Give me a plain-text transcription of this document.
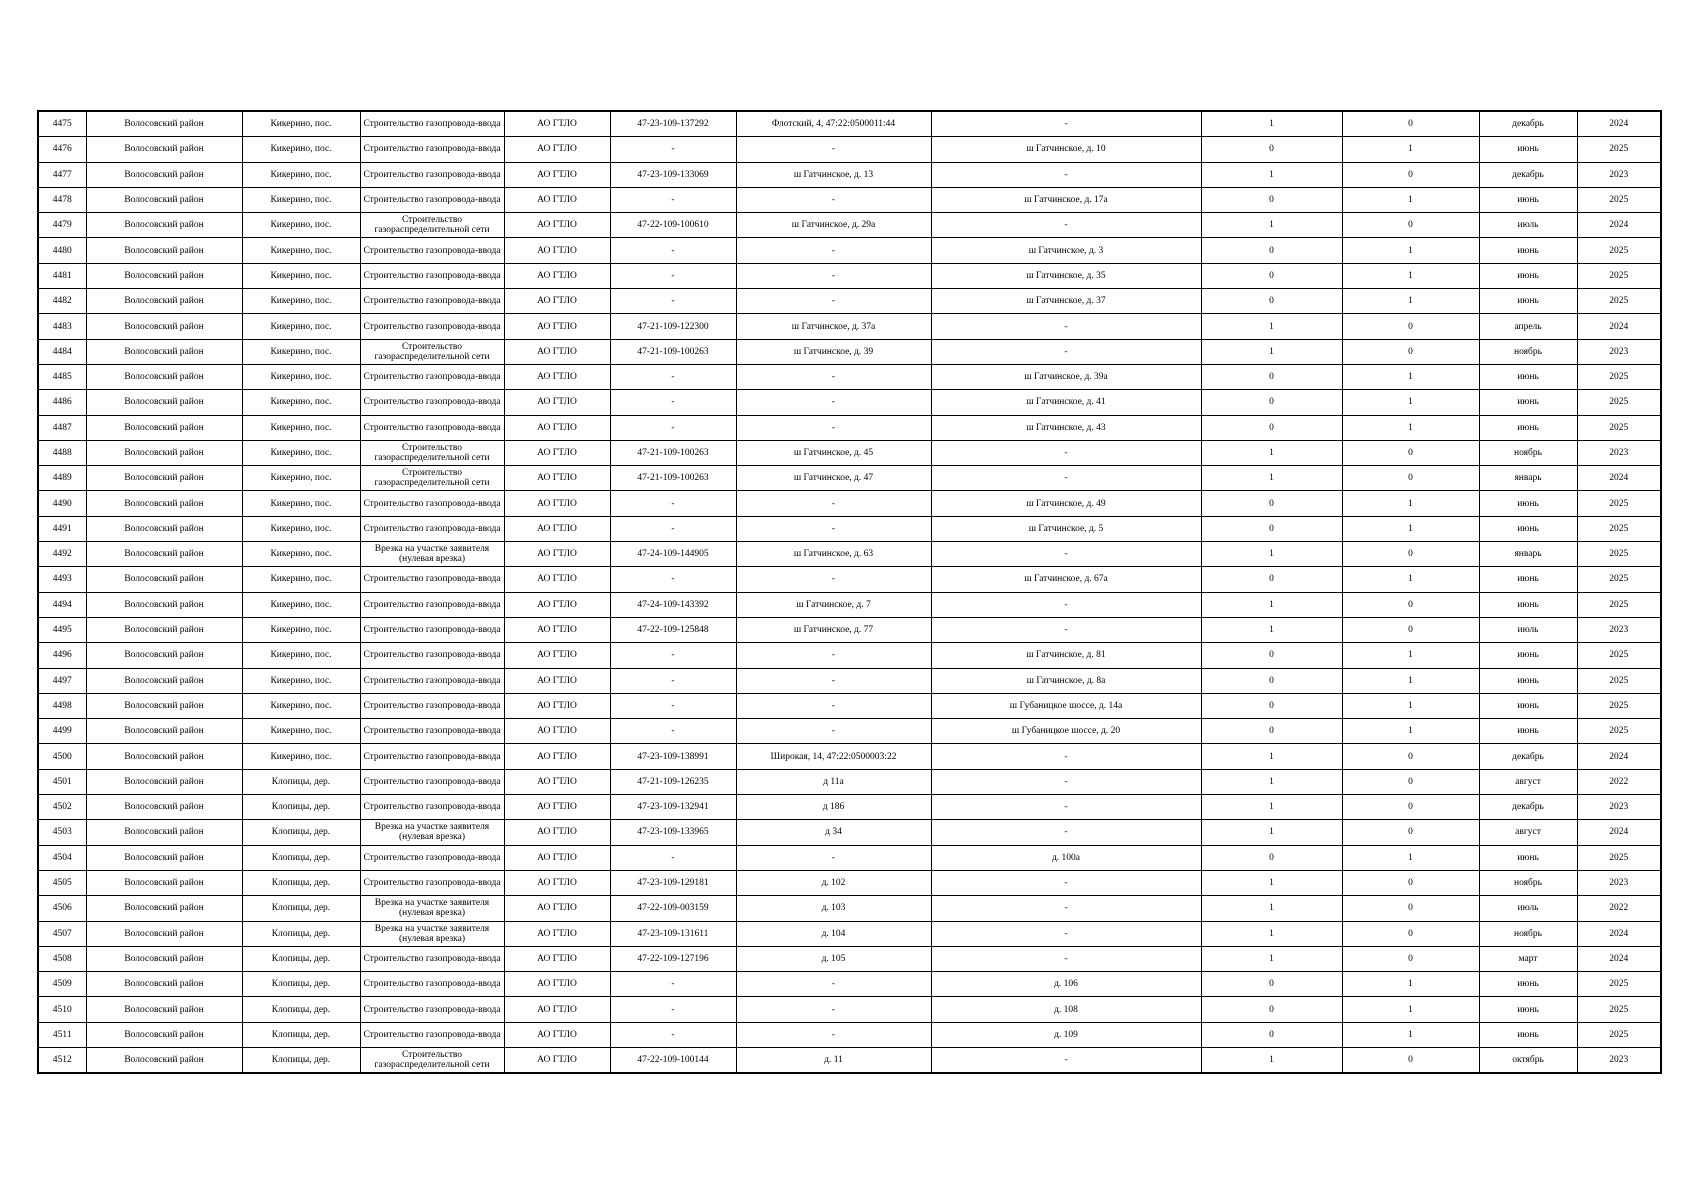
4475	Волосовский район	Кикерино, пос.	Строительство газопровода-ввода	АО ГТЛО	47-23-109-137292	Флотский, 4, 47:22:0500011:44	-	1	0	декабрь	2024
4476	Волосовский район	Кикерино, пос.	Строительство газопровода-ввода	АО ГТЛО	-	-	ш Гатчинское, д. 10	0	1	июнь	2025
4477	Волосовский район	Кикерино, пос.	Строительство газопровода-ввода	АО ГТЛО	47-23-109-133069	ш Гатчинское, д. 13	-	1	0	декабрь	2023
4478	Волосовский район	Кикерино, пос.	Строительство газопровода-ввода	АО ГТЛО	-	-	ш Гатчинское, д. 17а	0	1	июнь	2025
4479	Волосовский район	Кикерино, пос.	Строительство газораспределительной сети	АО ГТЛО	47-22-109-100610	ш Гатчинское, д. 29а	-	1	0	июль	2024
4480	Волосовский район	Кикерино, пос.	Строительство газопровода-ввода	АО ГТЛО	-	-	ш Гатчинское, д. 3	0	1	июнь	2025
4481	Волосовский район	Кикерино, пос.	Строительство газопровода-ввода	АО ГТЛО	-	-	ш Гатчинское, д. 35	0	1	июнь	2025
4482	Волосовский район	Кикерино, пос.	Строительство газопровода-ввода	АО ГТЛО	-	-	ш Гатчинское, д. 37	0	1	июнь	2025
4483	Волосовский район	Кикерино, пос.	Строительство газопровода-ввода	АО ГТЛО	47-21-109-122300	ш Гатчинское, д. 37а	-	1	0	апрель	2024
4484	Волосовский район	Кикерино, пос.	Строительство газораспределительной сети	АО ГТЛО	47-21-109-100263	ш Гатчинское, д. 39	-	1	0	ноябрь	2023
4485	Волосовский район	Кикерино, пос.	Строительство газопровода-ввода	АО ГТЛО	-	-	ш Гатчинское, д. 39а	0	1	июнь	2025
4486	Волосовский район	Кикерино, пос.	Строительство газопровода-ввода	АО ГТЛО	-	-	ш Гатчинское, д. 41	0	1	июнь	2025
4487	Волосовский район	Кикерино, пос.	Строительство газопровода-ввода	АО ГТЛО	-	-	ш Гатчинское, д. 43	0	1	июнь	2025
4488	Волосовский район	Кикерино, пос.	Строительство газораспределительной сети	АО ГТЛО	47-21-109-100263	ш Гатчинское, д. 45	-	1	0	ноябрь	2023
4489	Волосовский район	Кикерино, пос.	Строительство газораспределительной сети	АО ГТЛО	47-21-109-100263	ш Гатчинское, д. 47	-	1	0	январь	2024
4490	Волосовский район	Кикерино, пос.	Строительство газопровода-ввода	АО ГТЛО	-	-	ш Гатчинское, д. 49	0	1	июнь	2025
4491	Волосовский район	Кикерино, пос.	Строительство газопровода-ввода	АО ГТЛО	-	-	ш Гатчинское, д. 5	0	1	июнь	2025
4492	Волосовский район	Кикерино, пос.	Врезка на участке заявителя (нулевая врезка)	АО ГТЛО	47-24-109-144905	ш Гатчинское, д. 63	-	1	0	январь	2025
4493	Волосовский район	Кикерино, пос.	Строительство газопровода-ввода	АО ГТЛО	-	-	ш Гатчинское, д. 67а	0	1	июнь	2025
4494	Волосовский район	Кикерино, пос.	Строительство газопровода-ввода	АО ГТЛО	47-24-109-143392	ш Гатчинское, д. 7	-	1	0	июнь	2025
4495	Волосовский район	Кикерино, пос.	Строительство газопровода-ввода	АО ГТЛО	47-22-109-125848	ш Гатчинское, д. 77	-	1	0	июль	2023
4496	Волосовский район	Кикерино, пос.	Строительство газопровода-ввода	АО ГТЛО	-	-	ш Гатчинское, д. 81	0	1	июнь	2025
4497	Волосовский район	Кикерино, пос.	Строительство газопровода-ввода	АО ГТЛО	-	-	ш Гатчинское, д. 8а	0	1	июнь	2025
4498	Волосовский район	Кикерино, пос.	Строительство газопровода-ввода	АО ГТЛО	-	-	ш Губаницкое шоссе, д. 14а	0	1	июнь	2025
4499	Волосовский район	Кикерино, пос.	Строительство газопровода-ввода	АО ГТЛО	-	-	ш Губаницкое шоссе, д. 20	0	1	июнь	2025
4500	Волосовский район	Кикерино, пос.	Строительство газопровода-ввода	АО ГТЛО	47-23-109-138991	Широкая, 14, 47:22:0500003:22	-	1	0	декабрь	2024
4501	Волосовский район	Клопицы, дер.	Строительство газопровода-ввода	АО ГТЛО	47-21-109-126235	д 11а	-	1	0	август	2022
4502	Волосовский район	Клопицы, дер.	Строительство газопровода-ввода	АО ГТЛО	47-23-109-132941	д 186	-	1	0	декабрь	2023
4503	Волосовский район	Клопицы, дер.	Врезка на участке заявителя (нулевая врезка)	АО ГТЛО	47-23-109-133965	д 34	-	1	0	август	2024
4504	Волосовский район	Клопицы, дер.	Строительство газопровода-ввода	АО ГТЛО	-	-	д. 100а	0	1	июнь	2025
4505	Волосовский район	Клопицы, дер.	Строительство газопровода-ввода	АО ГТЛО	47-23-109-129181	д. 102	-	1	0	ноябрь	2023
4506	Волосовский район	Клопицы, дер.	Врезка на участке заявителя (нулевая врезка)	АО ГТЛО	47-22-109-003159	д. 103	-	1	0	июль	2022
4507	Волосовский район	Клопицы, дер.	Врезка на участке заявителя (нулевая врезка)	АО ГТЛО	47-23-109-131611	д. 104	-	1	0	ноябрь	2024
4508	Волосовский район	Клопицы, дер.	Строительство газопровода-ввода	АО ГТЛО	47-22-109-127196	д. 105	-	1	0	март	2024
4509	Волосовский район	Клопицы, дер.	Строительство газопровода-ввода	АО ГТЛО	-	-	д. 106	0	1	июнь	2025
4510	Волосовский район	Клопицы, дер.	Строительство газопровода-ввода	АО ГТЛО	-	-	д. 108	0	1	июнь	2025
4511	Волосовский район	Клопицы, дер.	Строительство газопровода-ввода	АО ГТЛО	-	-	д. 109	0	1	июнь	2025
4512	Волосовский район	Клопицы, дер.	Строительство газораспределительной сети	АО ГТЛО	47-22-109-100144	д. 11	-	1	0	октябрь	2023
